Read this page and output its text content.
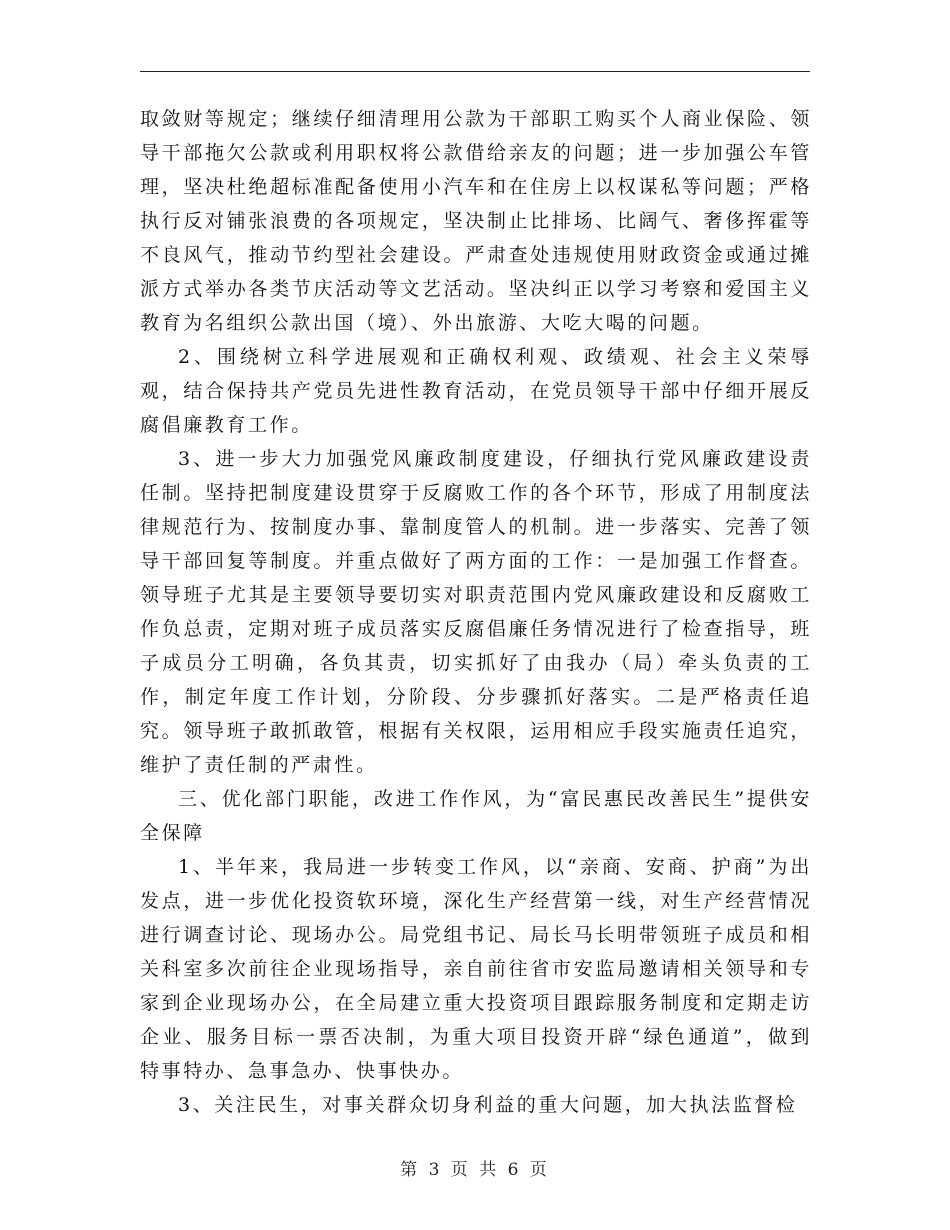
取敛财等规定；继续仔细清理用公款为干部职工购买个人商业保险、领导干部拖欠公款或利用职权将公款借给亲友的问题；进一步加强公车管理，坚决杜绝超标准配备使用小汽车和在住房上以权谋私等问题；严格执行反对铺张浪费的各项规定，坚决制止比排场、比阔气、奢侈挥霍等不良风气，推动节约型社会建设。严肃查处违规使用财政资金或通过摊派方式举办各类节庆活动等文艺活动。坚决纠正以学习考察和爱国主义教育为名组织公款出国（境）、外出旅游、大吃大喝的问题。

2、围绕树立科学进展观和正确权利观、政绩观、社会主义荣辱观，结合保持共产党员先进性教育活动，在党员领导干部中仔细开展反腐倡廉教育工作。

3、进一步大力加强党风廉政制度建设，仔细执行党风廉政建设责任制。坚持把制度建设贯穿于反腐败工作的各个环节，形成了用制度法律规范行为、按制度办事、靠制度管人的机制。进一步落实、完善了领导干部回复等制度。并重点做好了两方面的工作：一是加强工作督查。领导班子尤其是主要领导要切实对职责范围内党风廉政建设和反腐败工作负总责，定期对班子成员落实反腐倡廉任务情况进行了检查指导，班子成员分工明确，各负其责，切实抓好了由我办（局）牵头负责的工作，制定年度工作计划，分阶段、分步骤抓好落实。二是严格责任追究。领导班子敢抓敢管，根据有关权限，运用相应手段实施责任追究，维护了责任制的严肃性。

三、优化部门职能，改进工作作风，为“富民惠民改善民生”提供安全保障

1、半年来，我局进一步转变工作风，以“亲商、安商、护商”为出发点，进一步优化投资软环境，深化生产经营第一线，对生产经营情况进行调查讨论、现场办公。局党组书记、局长马长明带领班子成员和相关科室多次前往企业现场指导，亲自前往省市安监局邀请相关领导和专家到企业现场办公，在全局建立重大投资项目跟踪服务制度和定期走访企业、服务目标一票否决制，为重大项目投资开辟“绿色通道”，做到特事特办、急事急办、快事快办。

3、关注民生，对事关群众切身利益的重大问题，加大执法监督检

第 3 页 共 6 页
